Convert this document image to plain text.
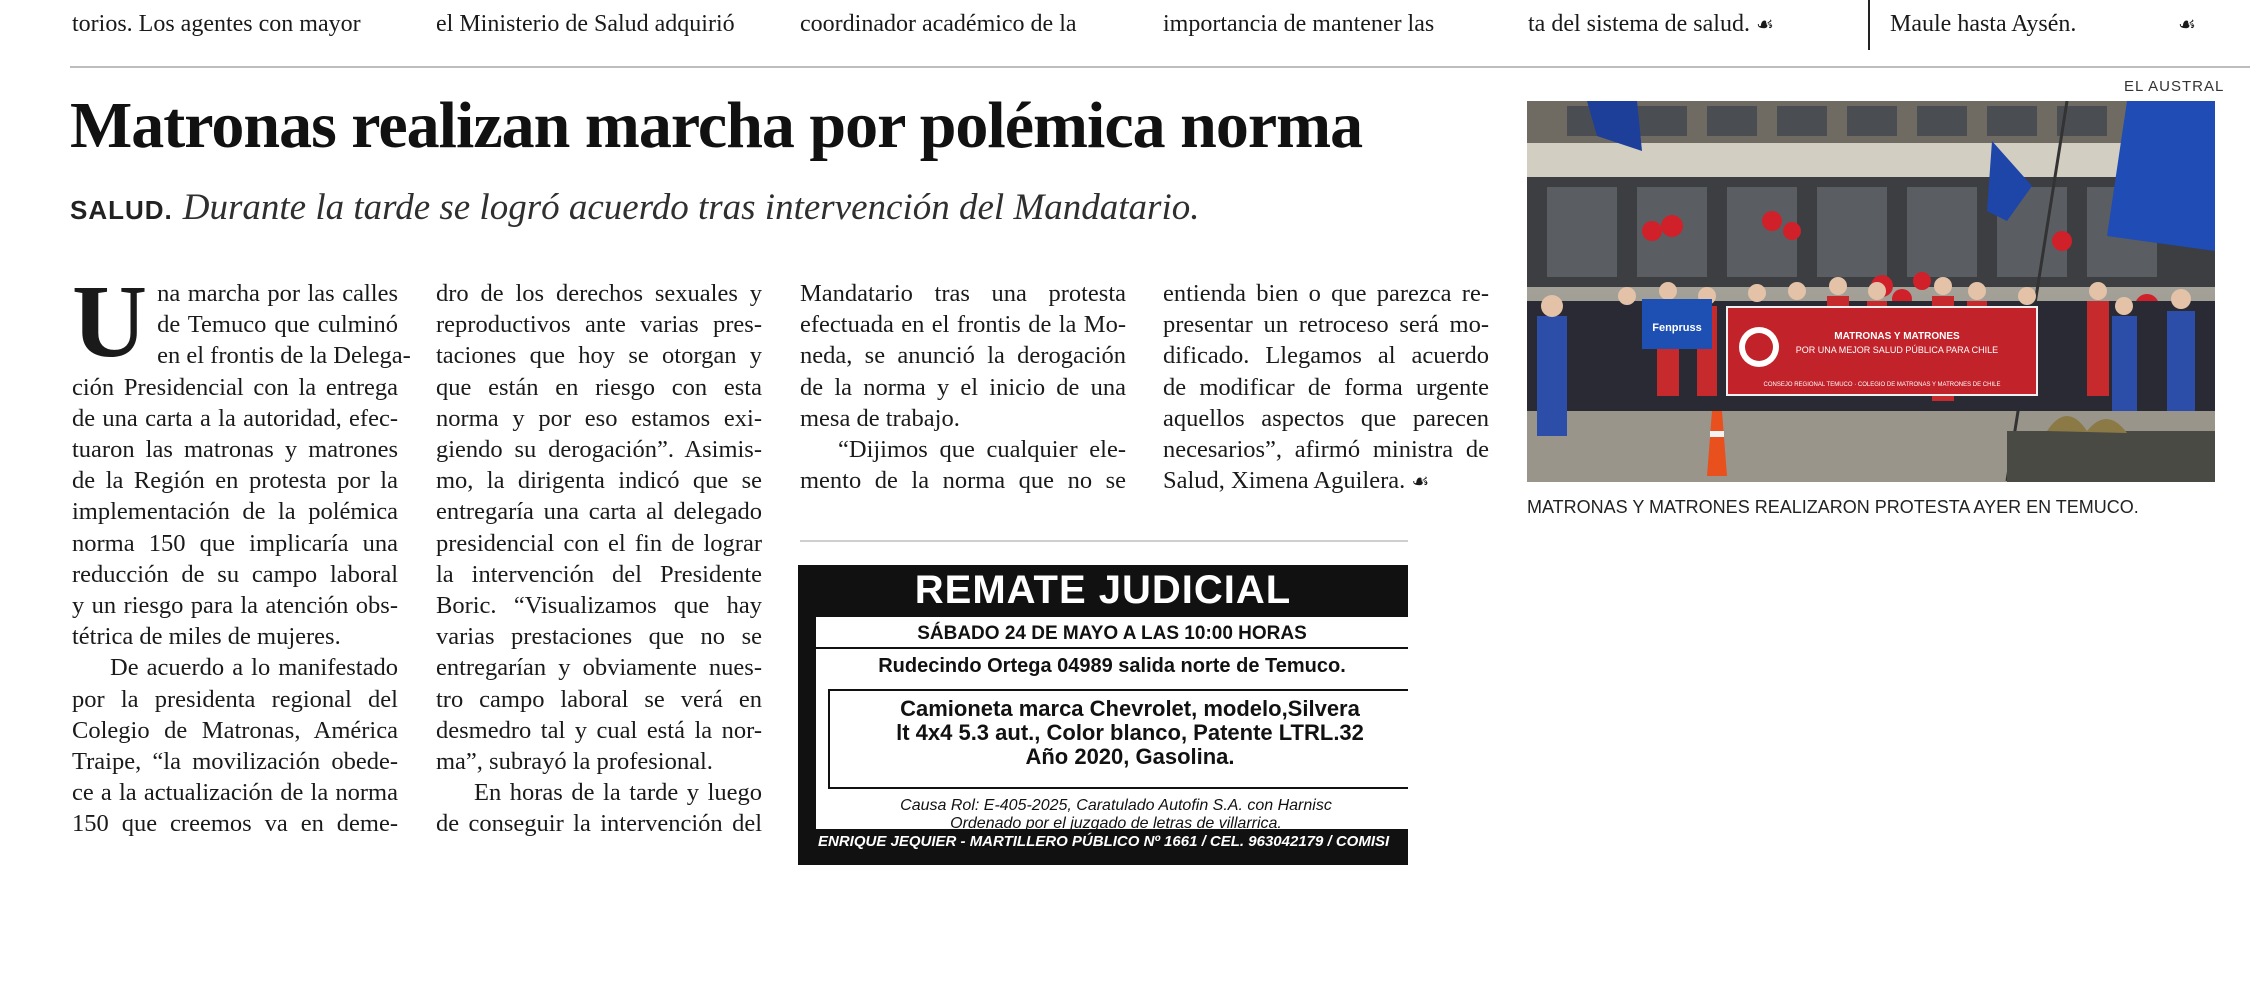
torios. Los agentes con mayor	el Ministerio de Salud adquirió	coordinador académico de la	importancia de mantener las	ta del sistema de salud. ☙	Maule hasta Aysén.	☙
Matronas realizan marcha por polémica norma
SALUD. Durante la tarde se logró acuerdo tras intervención del Mandatario.

U na marcha por las calles
de Temuco que culminó
en el frontis de la Delega-
ción Presidencial con la entrega
de una carta a la autoridad, efec-
tuaron las matronas y matrones
de la Región en protesta por la
implementación de la polémica
norma 150 que implicaría una
reducción de su campo laboral
y un riesgo para la atención obs-
tétrica de miles de mujeres.

De acuerdo a lo manifestado
por la presidenta regional del
Colegio de Matronas, América
Traipe, “la movilización obede-
ce a la actualización de la norma
150 que creemos va en deme-

dro de los derechos sexuales y
reproductivos ante varias pres-
taciones que hoy se otorgan y
que están en riesgo con esta
norma y por eso estamos exi-
giendo su derogación”. Asimis-
mo, la dirigenta indicó que se
entregaría una carta al delegado
presidencial con el fin de lograr
la intervención del Presidente
Boric. “Visualizamos que hay
varias prestaciones que no se
entregarían y obviamente nues-
tro campo laboral se verá en
desmedro tal y cual está la nor-
ma”, subrayó la profesional.

En horas de la tarde y luego
de conseguir la intervención del

Mandatario tras una protesta
efectuada en el frontis de la Mo-
neda, se anunció la derogación
de la norma y el inicio de una
mesa de trabajo.

“Dijimos que cualquier ele-
mento de la norma que no se

entienda bien o que parezca re-
presentar un retroceso será mo-
dificado. Llegamos al acuerdo
de modificar de forma urgente
aquellos aspectos que parecen
necesarios”, afirmó ministra de
Salud, Ximena Aguilera. ☙

EL AUSTRAL
MATRONAS Y MATRONES
POR UNA MEJOR SALUD PÚBLICA PARA CHILE
CONSEJO REGIONAL TEMUCO · COLEGIO DE MATRONAS Y MATRONES DE CHILE
Fenpruss
MATRONAS Y MATRONES REALIZARON PROTESTA AYER EN TEMUCO.
REMATE JUDICIAL
SÁBADO 24 DE MAYO A LAS 10:00 HORAS
Rudecindo Ortega 04989 salida norte de Temuco.
Camioneta marca Chevrolet, modelo,Silvera
lt 4x4 5.3 aut., Color blanco, Patente LTRL.32
Año 2020, Gasolina.
Causa Rol: E-405-2025, Caratulado Autofin S.A. con Harnisc
Ordenado por el juzgado de letras de villarrica.
ENRIQUE JEQUIER - MARTILLERO PÚBLICO Nº 1661 / CEL. 963042179 / COMISI
